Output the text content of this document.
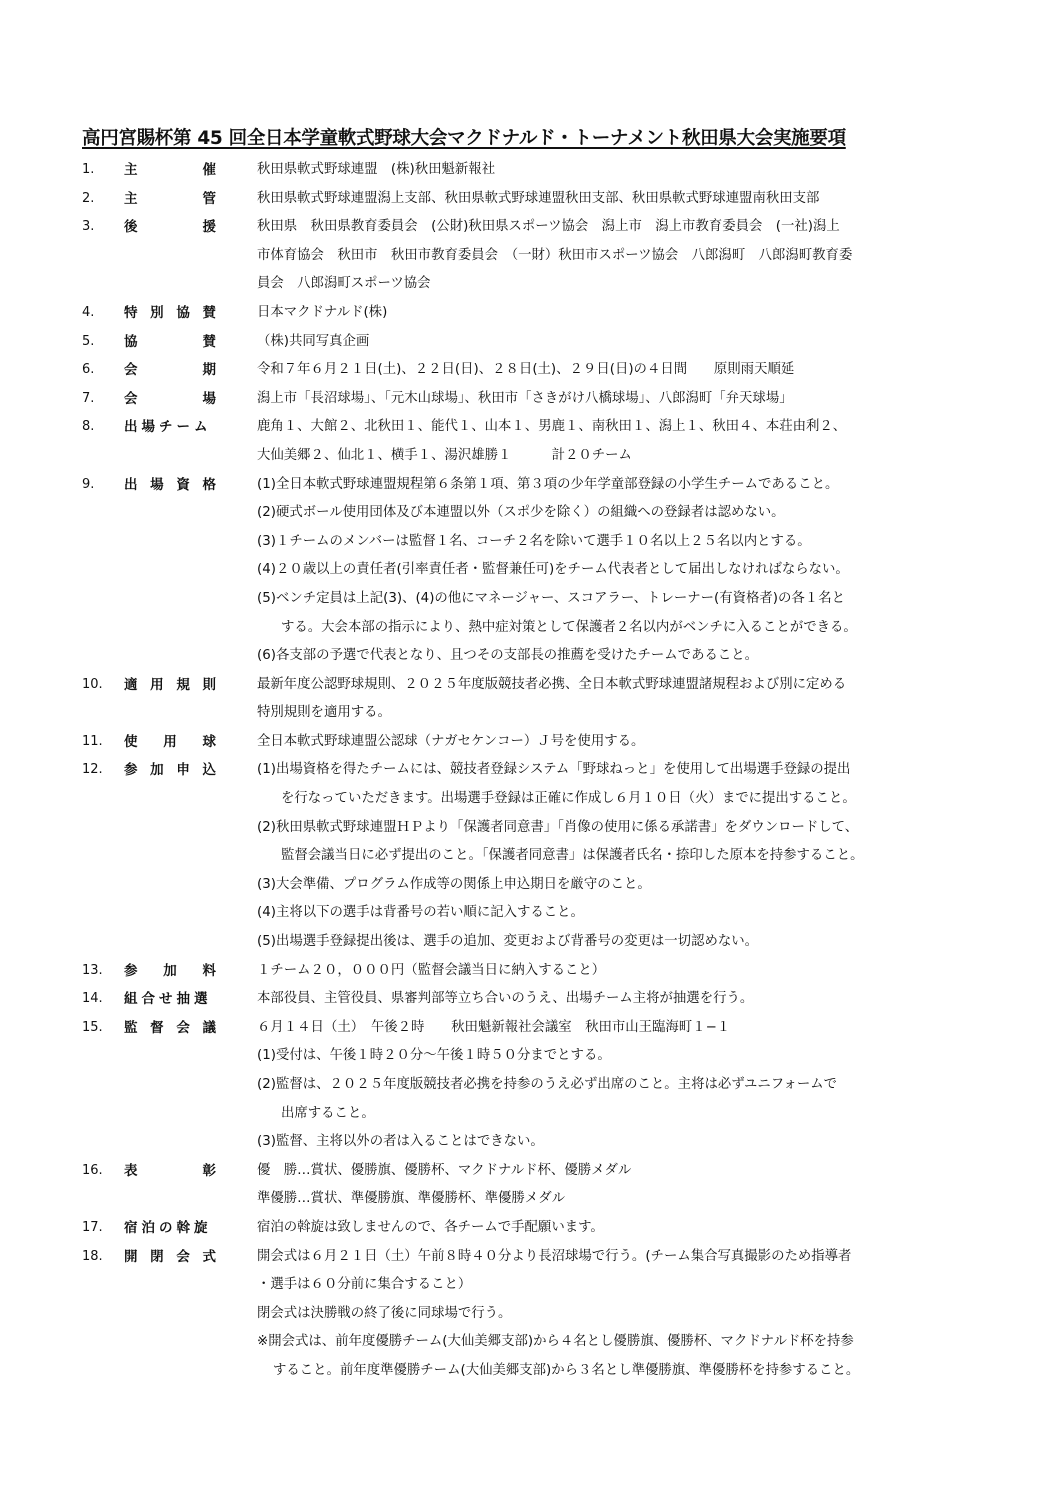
高円宮賜杯第 45 回全日本学童軟式野球大会マクドナルド・トーナメント秋田県大会実施要項
1.	主	催	秋田県軟式野球連盟　(株)秋田魁新報社
2.	主	管	秋田県軟式野球連盟潟上支部、秋田県軟式野球連盟秋田支部、秋田県軟式野球連盟南秋田支部
3.	後	援	秋田県　秋田県教育委員会　(公財)秋田県スポーツ協会　潟上市　潟上市教育委員会　(一社)潟上
市体育協会　秋田市　秋田市教育委員会　（一財）秋田市スポーツ協会　八郎潟町　八郎潟町教育委
員会　八郎潟町スポーツ協会
4.	特 別 協 賛	日本マクドナルド(株)
5.	協	賛	（株)共同写真企画
6.	会	期	令和７年６月２１日(土)、２２日(日)、２８日(土)、２９日(日)の４日間　　原則雨天順延
7.	会	場	潟上市「長沼球場」、「元木山球場」、秋田市「さきがけ八橋球場」、八郎潟町「弁天球場」
8.	出場チーム	鹿角１、大館２、北秋田１、能代１、山本１、男鹿１、南秋田１、潟上１、秋田４、本荘由利２、
大仙美郷２、仙北１、横手１、湯沢雄勝１　　　計２０チーム
9.	出 場 資 格	(1)全日本軟式野球連盟規程第６条第１項、第３項の少年学童部登録の小学生チームであること。
(2)硬式ボール使用団体及び本連盟以外（スポ少を除く）の組織への登録者は認めない。
(3)１チームのメンバーは監督１名、コーチ２名を除いて選手１０名以上２５名以内とする。
(4)２０歳以上の責任者(引率責任者・監督兼任可)をチーム代表者として届出しなければならない。
(5)ベンチ定員は上記(3)、(4)の他にマネージャー、スコアラー、トレーナー(有資格者)の各１名と
する。大会本部の指示により、熱中症対策として保護者２名以内がベンチに入ることができる。
(6)各支部の予選で代表となり、且つその支部長の推薦を受けたチームであること。
10.	適 用 規 則	最新年度公認野球規則、２０２５年度版競技者必携、全日本軟式野球連盟諸規程および別に定める
特別規則を適用する。
11.	使 用 球	全日本軟式野球連盟公認球（ナガセケンコー）Ｊ号を使用する。
12.	参 加 申 込	(1)出場資格を得たチームには、競技者登録システム「野球ねっと」を使用して出場選手登録の提出
を行なっていただきます。出場選手登録は正確に作成し６月１０日（火）までに提出すること。
(2)秋田県軟式野球連盟ＨＰより「保護者同意書」「肖像の使用に係る承諾書」をダウンロードして、
監督会議当日に必ず提出のこと。「保護者同意書」は保護者氏名・捺印した原本を持参すること。
(3)大会準備、プログラム作成等の関係上申込期日を厳守のこと。
(4)主将以下の選手は背番号の若い順に記入すること。
(5)出場選手登録提出後は、選手の追加、変更および背番号の変更は一切認めない。
13.	参 加 料	１チーム２０，０００円（監督会議当日に納入すること）
14.	組合せ抽選	本部役員、主管役員、県審判部等立ち合いのうえ、出場チーム主将が抽選を行う。
15.	監 督 会 議	６月１４日（土）　午後２時　　秋田魁新報社会議室　秋田市山王臨海町１−１
(1)受付は、午後１時２０分〜午後１時５０分までとする。
(2)監督は、２０２５年度版競技者必携を持参のうえ必ず出席のこと。主将は必ずユニフォームで
出席すること。
(3)監督、主将以外の者は入ることはできない。
16.	表	彰	優　勝…賞状、優勝旗、優勝杯、マクドナルド杯、優勝メダル
準優勝…賞状、準優勝旗、準優勝杯、準優勝メダル
17.	宿泊の斡旋	宿泊の斡旋は致しませんので、各チームで手配願います。
18.	開 閉 会 式	開会式は６月２１日（土）午前８時４０分より長沼球場で行う。(チーム集合写真撮影のため指導者
・選手は６０分前に集合すること）
閉会式は決勝戦の終了後に同球場で行う。
※開会式は、前年度優勝チーム(大仙美郷支部)から４名とし優勝旗、優勝杯、マクドナルド杯を持参
すること。前年度準優勝チーム(大仙美郷支部)から３名とし準優勝旗、準優勝杯を持参すること。
